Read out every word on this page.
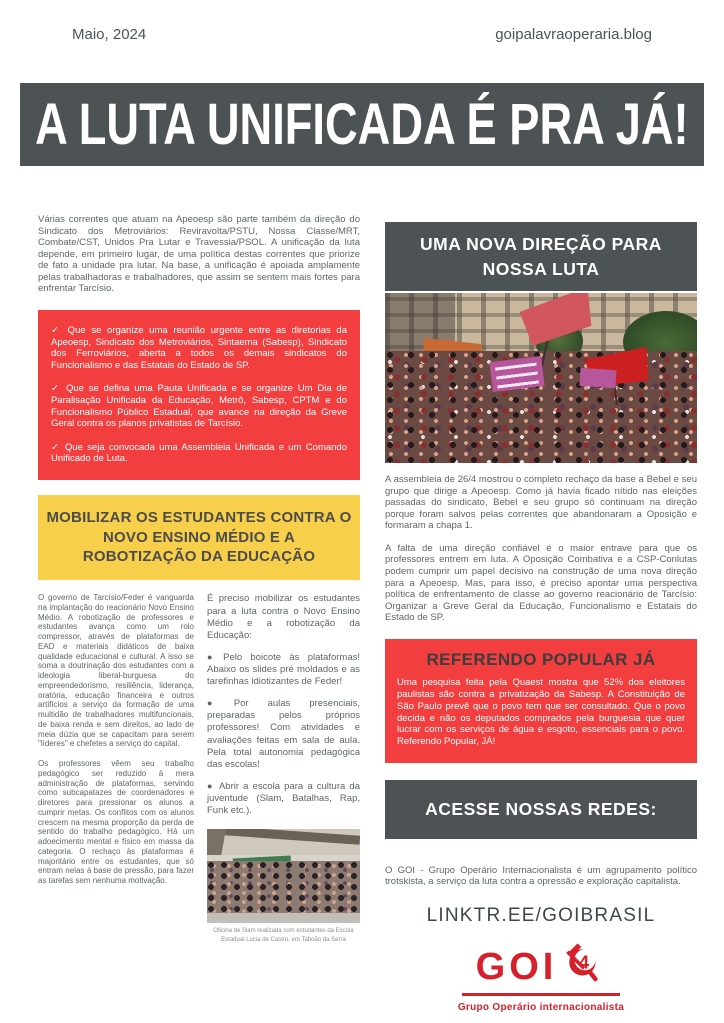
Maio, 2024	goipalavraoperaria.blog
A LUTA UNIFICADA É PRA JÁ!
Várias correntes que atuam na Apeoesp são parte também da direção do Sindicato dos Metroviários: Reviravolta/PSTU, Nossa Classe/MRT, Combate/CST, Unidos Pra Lutar e Travessia/PSOL. A unificação da luta depende, em primeiro lugar, de uma política destas correntes que priorize de fato a unidade pra lutar. Na base, a unificação é apoiada amplamente pelas trabalhadoras e trabalhadores, que assim se sentem mais fortes para enfrentar Tarcísio.

✓ Que se organize uma reunião urgente entre as diretorias da Apeoesp, Sindicato dos Metroviários, Sintaema (Sabesp), Sindicato dos Ferroviários, aberta a todos os demais sindicatos do Funcionalismo e das Estatais do Estado de SP.

✓ Que se defina uma Pauta Unificada e se organize Um Dia de Paralisação Unificada da Educação, Metrô, Sabesp, CPTM e do Funcionalismo Público Estadual, que avance na direção da Greve Geral contra os planos privatistas de Tarcísio.

✓ Que seja convocada uma Assembleia Unificada e um Comando Unificado de Luta.

MOBILIZAR OS ESTUDANTES CONTRA O NOVO ENSINO MÉDIO E A ROBOTIZAÇÃO DA EDUCAÇÃO

O governo de Tarcísio/Feder é vanguarda na implantação do reacionário Novo Ensino Médio. A robotização de professores e estudantes avança como um rolo compressor, através de plataformas de EAD e materiais didáticos de baixa qualidade educacional e cultural. A isso se soma a doutrinação dos estudantes com a ideologia liberal-burguesa do empreendedorismo, resiliência, liderança, oratória, educação financeira e outros artifícios a serviço da formação de uma multidão de trabalhadores multifuncionais, de baixa renda e sem direitos, ao lado de meia dúzia que se capacitam para serem "líderes" e chefetes a serviço do capital.

Os professores vêem seu trabalho pedagógico ser reduzido à mera administração de plataformas, servindo como subcapatazes de coordenadores e diretores para pressionar os alunos a cumprir metas. Os conflitos com os alunos crescem na mesma proporção da perda de sentido do trabalho pedagógico. Há um adoecimento mental e físico em massa da categoria. O rechaço às plataformas é majoritário entre os estudantes, que só entram nelas à base de pressão, para fazer as tarefas sem nenhuma motivação.

É preciso mobilizar os estudantes para a luta contra o Novo Ensino Médio e a robotização da Educação:

● Pelo boicote às plataformas! Abaixo os slides pré moldados e as tarefinhas idiotizantes de Feder!
● Por aulas presenciais, preparadas pelos próprios professores! Com atividades e avaliações feitas em sala de aula. Pela total autonomia pedagógica das escolas!
● Abrir a escola para a cultura da juventude (Slam, Batalhas, Rap, Funk etc.).
Oficina de Slam realizada com estudantes da Escola Estadual Lucia de Castro, em Taboão da Serra
UMA NOVA DIREÇÃO PARA NOSSA LUTA
A assembleia de 26/4 mostrou o completo rechaço da base a Bebel e seu grupo que dirige a Apeoesp. Como já havia ficado nítido nas eleições passadas do sindicato, Bebel e seu grupo só continuam na direção porque foram salvos pelas correntes que abandonaram a Oposição e formaram a chapa 1.
A falta de uma direção confiável é o maior entrave para que os professores entrem em luta. A Oposição Combativa e a CSP-Conlutas podem cumprir um papel decisivo na construção de uma nova direção para a Apeoesp. Mas, para isso, é preciso apontar uma perspectiva política de enfrentamento de classe ao governo reacionário de Tarcísio: Organizar a Greve Geral da Educação, Funcionalismo e Estatais do Estado de SP.
REFERENDO POPULAR JÁ
Uma pesquisa feita pela Quaest mostra que 52% dos eleitores paulistas são contra a privatização da Sabesp. A Constituição de São Paulo prevê que o povo tem que ser consultado. Que o povo decida e não os deputados comprados pela burguesia que quer lucrar com os serviços de água e esgoto, essenciais para o povo. Referendo Popular, JÁ!
ACESSE NOSSAS REDES:
O GOI - Grupo Operário Internacionalista é um agrupamento político trotskista, a serviço da luta contra a opressão e exploração capitalista.
LINKTR.EE/GOIBRASIL
GOI 4
Grupo Operário internacionalista
